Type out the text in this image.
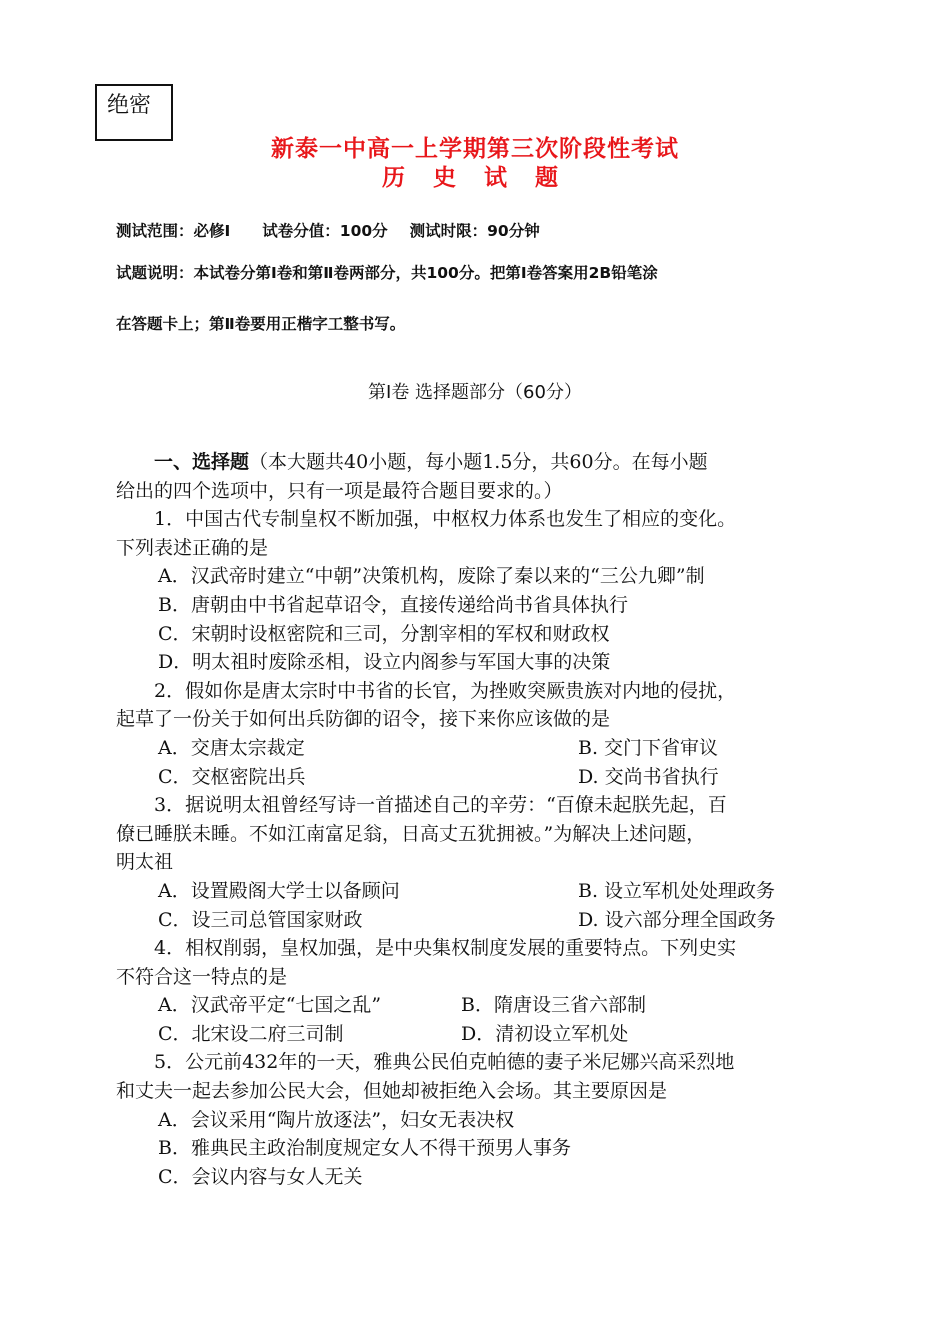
绝密
新泰一中高一上学期第三次阶段性考试
历 史 试 题
测试范围：必修Ⅰ 试卷分值：100分 测试时限：90分钟
试题说明：本试卷分第Ⅰ卷和第Ⅱ卷两部分，共100分。把第Ⅰ卷答案用2B铅笔涂
在答题卡上；第Ⅱ卷要用正楷字工整书写。
第Ⅰ卷 选择题部分（60分）
一、选择题（本大题共40小题，每小题1.5分，共60分。在每小题
给出的四个选项中，只有一项是最符合题目要求的。）
1．中国古代专制皇权不断加强，中枢权力体系也发生了相应的变化。
下列表述正确的是
A．汉武帝时建立“中朝”决策机构，废除了秦以来的“三公九卿”制
B．唐朝由中书省起草诏令，直接传递给尚书省具体执行
C．宋朝时设枢密院和三司，分割宰相的军权和财政权
D．明太祖时废除丞相，设立内阁参与军国大事的决策
2．假如你是唐太宗时中书省的长官，为挫败突厥贵族对内地的侵扰，
起草了一份关于如何出兵防御的诏令，接下来你应该做的是
A．交唐太宗裁定	B. 交门下省审议
C．交枢密院出兵	D. 交尚书省执行
3．据说明太祖曾经写诗一首描述自己的辛劳：“百僚未起朕先起，百
僚已睡朕未睡。不如江南富足翁，日高丈五犹拥被。”为解决上述问题，
明太祖
A．设置殿阁大学士以备顾问	B. 设立军机处处理政务
C．设三司总管国家财政	D. 设六部分理全国政务
4．相权削弱，皇权加强，是中央集权制度发展的重要特点。下列史实
不符合这一特点的是
A．汉武帝平定“七国之乱”	B．隋唐设三省六部制
C．北宋设二府三司制	D．清初设立军机处
5．公元前432年的一天，雅典公民伯克帕德的妻子米尼娜兴高采烈地
和丈夫一起去参加公民大会，但她却被拒绝入会场。其主要原因是
A．会议采用“陶片放逐法”，妇女无表决权
B．雅典民主政治制度规定女人不得干预男人事务
C．会议内容与女人无关
